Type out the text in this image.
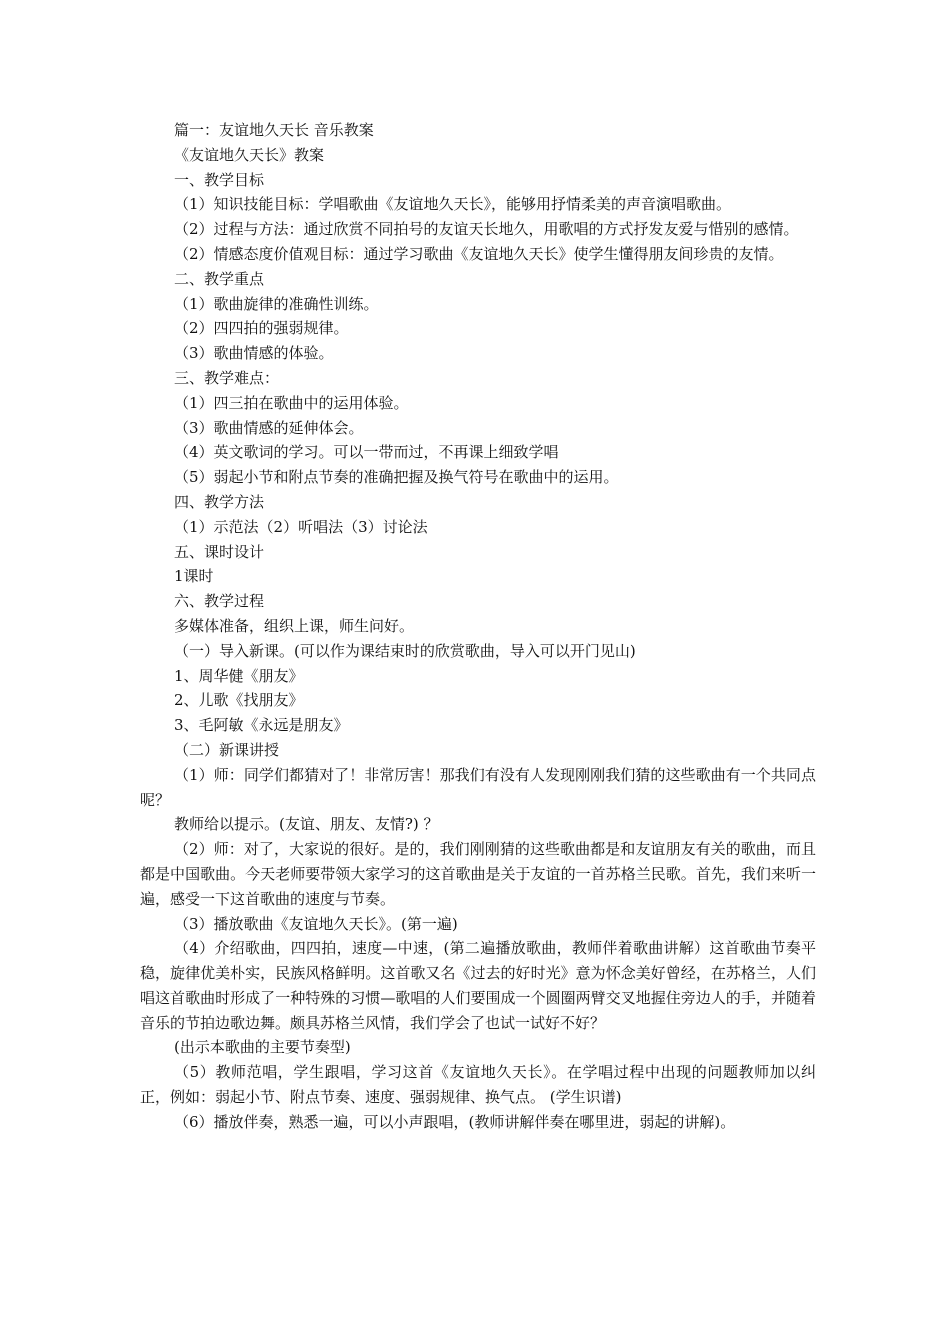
篇一：友谊地久天长 音乐教案
《友谊地久天长》教案
一、教学目标
（1）知识技能目标：学唱歌曲《友谊地久天长》，能够用抒情柔美的声音演唱歌曲。
（2）过程与方法：通过欣赏不同拍号的友谊天长地久，用歌唱的方式抒发友爱与惜别的感情。
（2）情感态度价值观目标：通过学习歌曲《友谊地久天长》使学生懂得朋友间珍贵的友情。
二、教学重点
（1）歌曲旋律的准确性训练。
（2）四四拍的强弱规律。
（3）歌曲情感的体验。
三、教学难点：
（1）四三拍在歌曲中的运用体验。
（3）歌曲情感的延伸体会。
（4）英文歌词的学习。可以一带而过，不再课上细致学唱
（5）弱起小节和附点节奏的准确把握及换气符号在歌曲中的运用。
四、教学方法
（1）示范法（2）听唱法（3）讨论法
五、课时设计
1课时
六、教学过程
多媒体准备，组织上课，师生问好。
（一）导入新课。(可以作为课结束时的欣赏歌曲，导入可以开门见山)
1、周华健《朋友》
2、儿歌《找朋友》
3、毛阿敏《永远是朋友》
（二）新课讲授
（1）师：同学们都猜对了！非常厉害！那我们有没有人发现刚刚我们猜的这些歌曲有一个共同点呢？
教师给以提示。(友谊、朋友、友情?) ？
（2）师：对了，大家说的很好。是的，我们刚刚猜的这些歌曲都是和友谊朋友有关的歌曲，而且都是中国歌曲。今天老师要带领大家学习的这首歌曲是关于友谊的一首苏格兰民歌。首先，我们来听一遍，感受一下这首歌曲的速度与节奏。
（3）播放歌曲《友谊地久天长》。(第一遍)
（4）介绍歌曲，四四拍，速度—中速，(第二遍播放歌曲，教师伴着歌曲讲解）这首歌曲节奏平稳，旋律优美朴实，民族风格鲜明。这首歌又名《过去的好时光》意为怀念美好曾经，在苏格兰，人们唱这首歌曲时形成了一种特殊的习惯—歌唱的人们要围成一个圆圈两臂交叉地握住旁边人的手，并随着音乐的节拍边歌边舞。颇具苏格兰风情，我们学会了也试一试好不好？
(出示本歌曲的主要节奏型)
（5）教师范唱，学生跟唱，学习这首《友谊地久天长》。在学唱过程中出现的问题教师加以纠正，例如：弱起小节、附点节奏、速度、强弱规律、换气点。 (学生识谱)
（6）播放伴奏，熟悉一遍，可以小声跟唱，(教师讲解伴奏在哪里进，弱起的讲解)。
